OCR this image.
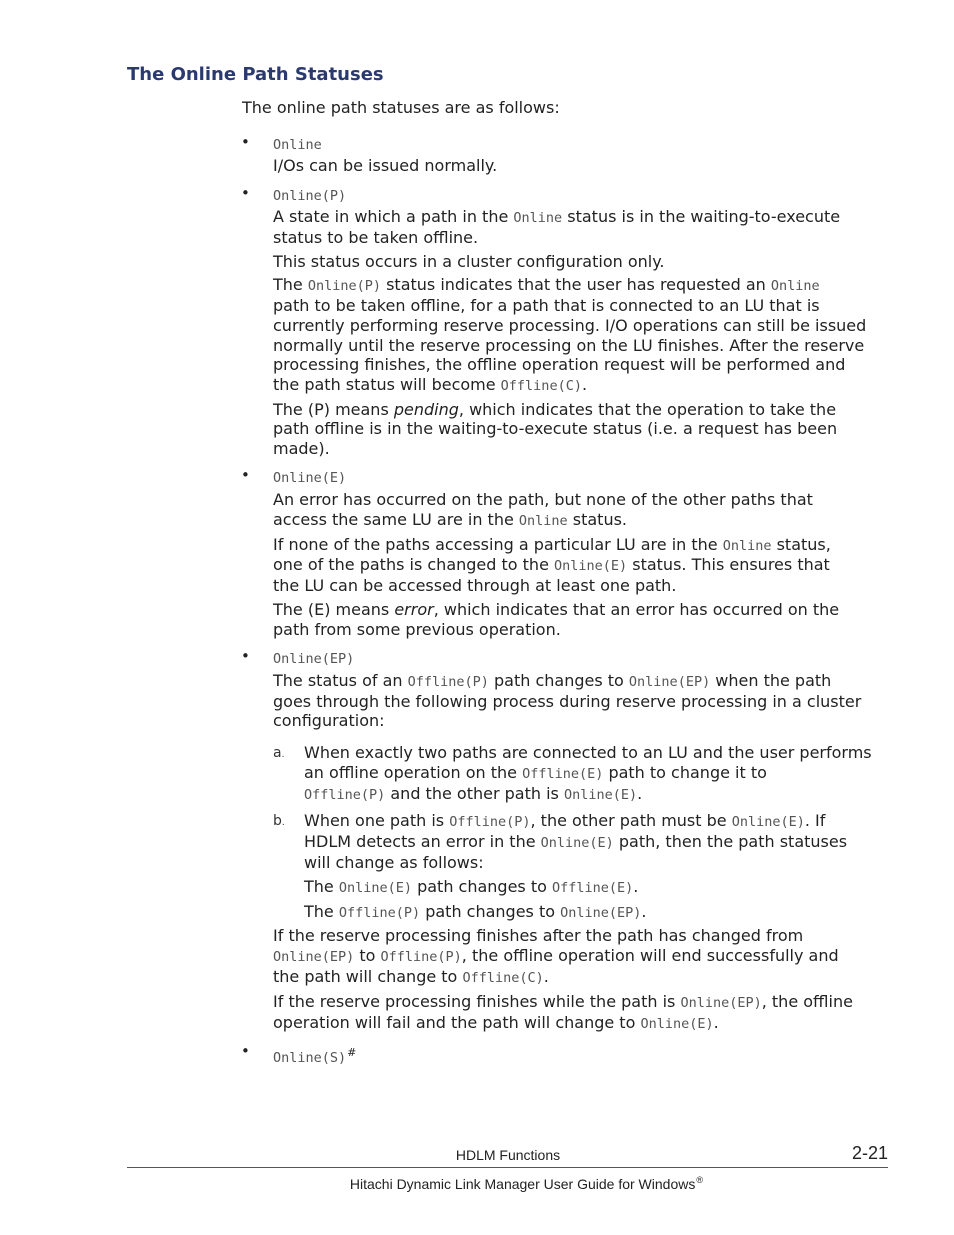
The Online Path Statuses
The online path statuses are as follows:
Online
I/Os can be issued normally.
Online(P)
A state in which a path in the Online status is in the waiting-to-execute
status to be taken offline.
This status occurs in a cluster configuration only.
The Online(P) status indicates that the user has requested an Online
path to be taken offline, for a path that is connected to an LU that is
currently performing reserve processing. I/O operations can still be issued
normally until the reserve processing on the LU finishes. After the reserve
processing finishes, the offline operation request will be performed and
the path status will become Offline(C).
The (P) means pending, which indicates that the operation to take the
path offline is in the waiting-to-execute status (i.e. a request has been
made).
Online(E)
An error has occurred on the path, but none of the other paths that
access the same LU are in the Online status.
If none of the paths accessing a particular LU are in the Online status,
one of the paths is changed to the Online(E) status. This ensures that
the LU can be accessed through at least one path.
The (E) means error, which indicates that an error has occurred on the
path from some previous operation.
Online(EP)
The status of an Offline(P) path changes to Online(EP) when the path
goes through the following process during reserve processing in a cluster
configuration:
When exactly two paths are connected to an LU and the user performs
an offline operation on the Offline(E) path to change it to
Offline(P) and the other path is Online(E).
When one path is Offline(P), the other path must be Online(E). If
HDLM detects an error in the Online(E) path, then the path statuses
will change as follows:
The Online(E) path changes to Offline(E).
The Offline(P) path changes to Online(EP).
If the reserve processing finishes after the path has changed from
Online(EP) to Offline(P), the offline operation will end successfully and
the path will change to Offline(C).
If the reserve processing finishes while the path is Online(EP), the offline
operation will fail and the path will change to Online(E).
Online(S)#
•
•
•
•
•
a.
b.
HDLM Functions	2-21
Hitachi Dynamic Link Manager User Guide for Windows®
